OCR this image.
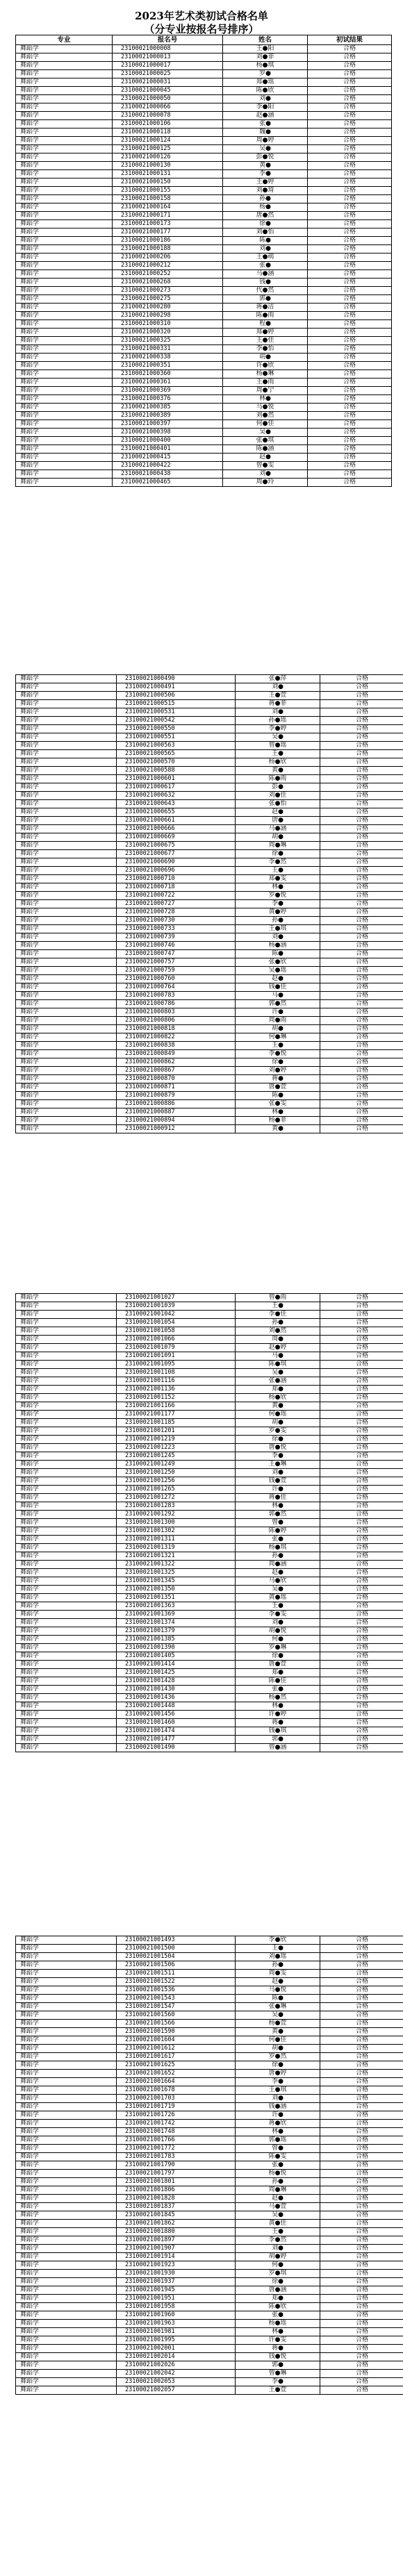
2023年艺术类初试合格名单
（分专业按报名号排序）
专业	报名号	姓名	初试结果
舞蹈学	23100021000008	王●阳	合格
舞蹈学	23100021000013	刘●菲	合格
舞蹈学	23100021000017	杨●琪	合格
舞蹈学	23100021000025	罗●	合格
舞蹈学	23100021000031	郑●瑶	合格
舞蹈学	23100021000045	陈●欣	合格
舞蹈学	23100021000050	刘●	合格
舞蹈学	23100021000066	李●阳	合格
舞蹈学	23100021000078	赵●涵	合格
舞蹈学	23100021000106	张●	合格
舞蹈学	23100021000118	魏●	合格
舞蹈学	23100021000124	周●婷	合格
舞蹈学	23100021000125	吴●	合格
舞蹈学	23100021000126	彭●悦	合格
舞蹈学	23100021000130	黄●	合格
舞蹈学	23100021000131	李●	合格
舞蹈学	23100021000150	王●婷	合格
舞蹈学	23100021000155	刘●琦	合格
舞蹈学	23100021000158	孙●	合格
舞蹈学	23100021000164	杨●	合格
舞蹈学	23100021000171	唐●然	合格
舞蹈学	23100021000173	徐●	合格
舞蹈学	23100021000177	刘●怡	合格
舞蹈学	23100021000186	陈●	合格
舞蹈学	23100021000188	刘●	合格
舞蹈学	23100021000206	王●萌	合格
舞蹈学	23100021000212	张●	合格
舞蹈学	23100021000252	马●涵	合格
舞蹈学	23100021000268	钱●	合格
舞蹈学	23100021000273	代●然	合格
舞蹈学	23100021000275	郭●	合格
舞蹈学	23100021000280	蒋●洁	合格
舞蹈学	23100021000298	陈●雨	合格
舞蹈学	23100021000310	程●	合格
舞蹈学	23100021000320	郑●婷	合格
舞蹈学	23100021000325	王●佳	合格
舞蹈学	23100021000331	李●怡	合格
舞蹈学	23100021000338	胡●	合格
舞蹈学	23100021000351	许●欣	合格
舞蹈学	23100021000360	杨●琳	合格
舞蹈学	23100021000361	王●雨	合格
舞蹈学	23100021000369	周●宁	合格
舞蹈学	23100021000376	林●	合格
舞蹈学	23100021000385	马●悦	合格
舞蹈学	23100021000389	刘●然	合格
舞蹈学	23100021000397	何●佳	合格
舞蹈学	23100021000398	吴●	合格
舞蹈学	23100021000400	张●琪	合格
舞蹈学	23100021000401	陈●涵	合格
舞蹈学	23100021000415	赵●	合格
舞蹈学	23100021000422	曾●雯	合格
舞蹈学	23100021000438	刘●	合格
舞蹈学	23100021000465	周●玲	合格
舞蹈学	23100021000490	张●萍	合格
舞蹈学	23100021000491	刘●	合格
舞蹈学	23100021000506	王●萱	合格
舞蹈学	23100021000515	蒋●菲	合格
舞蹈学	23100021000531	刘●	合格
舞蹈学	23100021000542	孙●瑶	合格
舞蹈学	23100021000550	李●婷	合格
舞蹈学	23100021000551	吴●	合格
舞蹈学	23100021000563	曾●瑶	合格
舞蹈学	23100021000565	王●	合格
舞蹈学	23100021000570	杨●欣	合格
舞蹈学	23100021000588	黄●	合格
舞蹈学	23100021000601	陈●雨	合格
舞蹈学	23100021000617	彭●	合格
舞蹈学	23100021000632	刘●佳	合格
舞蹈学	23100021000643	张●怡	合格
舞蹈学	23100021000655	赵●	合格
舞蹈学	23100021000661	唐●	合格
舞蹈学	23100021000666	马●涵	合格
舞蹈学	23100021000669	胡●	合格
舞蹈学	23100021000675	周●琳	合格
舞蹈学	23100021000677	徐●	合格
舞蹈学	23100021000690	李●然	合格
舞蹈学	23100021000696	王●	合格
舞蹈学	23100021000710	郑●雯	合格
舞蹈学	23100021000718	林●	合格
舞蹈学	23100021000722	罗●悦	合格
舞蹈学	23100021000727	李●	合格
舞蹈学	23100021000728	黄●婷	合格
舞蹈学	23100021000730	孙●	合格
舞蹈学	23100021000733	王●琪	合格
舞蹈学	23100021000739	刘●	合格
舞蹈学	23100021000746	杨●涵	合格
舞蹈学	23100021000747	陈●	合格
舞蹈学	23100021000757	张●欣	合格
舞蹈学	23100021000759	吴●瑶	合格
舞蹈学	23100021000760	赵●	合格
舞蹈学	23100021000764	钱●佳	合格
舞蹈学	23100021000783	马●	合格
舞蹈学	23100021000786	郭●然	合格
舞蹈学	23100021000803	许●	合格
舞蹈学	23100021000806	周●雨	合格
舞蹈学	23100021000818	胡●	合格
舞蹈学	23100021000822	何●琳	合格
舞蹈学	23100021000838	王●	合格
舞蹈学	23100021000849	李●悦	合格
舞蹈学	23100021000862	徐●	合格
舞蹈学	23100021000867	刘●婷	合格
舞蹈学	23100021000870	蒋●	合格
舞蹈学	23100021000871	唐●萱	合格
舞蹈学	23100021000879	陈●	合格
舞蹈学	23100021000886	张●雯	合格
舞蹈学	23100021000887	林●	合格
舞蹈学	23100021000894	杨●菲	合格
舞蹈学	23100021000912	黄●	合格
舞蹈学	23100021001027	曾●雨	合格
舞蹈学	23100021001039	王●	合格
舞蹈学	23100021001042	李●佳	合格
舞蹈学	23100021001054	孙●	合格
舞蹈学	23100021001058	刘●然	合格
舞蹈学	23100021001066	周●	合格
舞蹈学	23100021001079	赵●婷	合格
舞蹈学	23100021001091	马●	合格
舞蹈学	23100021001095	陈●琪	合格
舞蹈学	23100021001108	吴●	合格
舞蹈学	23100021001116	张●涵	合格
舞蹈学	23100021001136	郑●	合格
舞蹈学	23100021001152	杨●欣	合格
舞蹈学	23100021001166	黄●	合格
舞蹈学	23100021001177	何●瑶	合格
舞蹈学	23100021001185	胡●	合格
舞蹈学	23100021001201	罗●雯	合格
舞蹈学	23100021001219	徐●	合格
舞蹈学	23100021001223	唐●悦	合格
舞蹈学	23100021001245	李●	合格
舞蹈学	23100021001249	王●琳	合格
舞蹈学	23100021001250	刘●	合格
舞蹈学	23100021001256	钱●萱	合格
舞蹈学	23100021001265	许●	合格
舞蹈学	23100021001272	蒋●佳	合格
舞蹈学	23100021001283	林●	合格
舞蹈学	23100021001292	郭●然	合格
舞蹈学	23100021001300	曾●	合格
舞蹈学	23100021001302	陈●婷	合格
舞蹈学	23100021001311	张●	合格
舞蹈学	23100021001319	杨●琪	合格
舞蹈学	23100021001321	孙●	合格
舞蹈学	23100021001322	周●涵	合格
舞蹈学	23100021001325	赵●	合格
舞蹈学	23100021001345	马●欣	合格
舞蹈学	23100021001350	吴●	合格
舞蹈学	23100021001351	黄●瑶	合格
舞蹈学	23100021001363	王●	合格
舞蹈学	23100021001369	李●雯	合格
舞蹈学	23100021001374	刘●	合格
舞蹈学	23100021001379	胡●悦	合格
舞蹈学	23100021001385	何●	合格
舞蹈学	23100021001390	罗●琳	合格
舞蹈学	23100021001405	徐●	合格
舞蹈学	23100021001414	唐●萱	合格
舞蹈学	23100021001425	郑●	合格
舞蹈学	23100021001428	陈●佳	合格
舞蹈学	23100021001430	张●	合格
舞蹈学	23100021001436	杨●然	合格
舞蹈学	23100021001448	林●	合格
舞蹈学	23100021001456	许●婷	合格
舞蹈学	23100021001460	蒋●	合格
舞蹈学	23100021001474	钱●琪	合格
舞蹈学	23100021001477	郭●	合格
舞蹈学	23100021001490	曾●涵	合格
舞蹈学	23100021001493	李●欣	合格
舞蹈学	23100021001500	王●	合格
舞蹈学	23100021001504	刘●瑶	合格
舞蹈学	23100021001506	孙●	合格
舞蹈学	23100021001511	周●雯	合格
舞蹈学	23100021001522	赵●	合格
舞蹈学	23100021001536	马●悦	合格
舞蹈学	23100021001543	陈●	合格
舞蹈学	23100021001547	张●琳	合格
舞蹈学	23100021001560	吴●	合格
舞蹈学	23100021001566	杨●萱	合格
舞蹈学	23100021001590	黄●	合格
舞蹈学	23100021001604	何●佳	合格
舞蹈学	23100021001612	胡●	合格
舞蹈学	23100021001617	罗●然	合格
舞蹈学	23100021001625	徐●	合格
舞蹈学	23100021001652	唐●婷	合格
舞蹈学	23100021001664	李●	合格
舞蹈学	23100021001678	王●琪	合格
舞蹈学	23100021001703	刘●	合格
舞蹈学	23100021001719	钱●涵	合格
舞蹈学	23100021001726	许●	合格
舞蹈学	23100021001742	蒋●欣	合格
舞蹈学	23100021001748	林●	合格
舞蹈学	23100021001766	郭●瑶	合格
舞蹈学	23100021001772	曾●	合格
舞蹈学	23100021001783	陈●雯	合格
舞蹈学	23100021001790	张●	合格
舞蹈学	23100021001797	杨●悦	合格
舞蹈学	23100021001801	孙●	合格
舞蹈学	23100021001806	周●琳	合格
舞蹈学	23100021001828	赵●	合格
舞蹈学	23100021001837	马●萱	合格
舞蹈学	23100021001845	吴●	合格
舞蹈学	23100021001862	黄●佳	合格
舞蹈学	23100021001880	王●	合格
舞蹈学	23100021001897	李●然	合格
舞蹈学	23100021001907	刘●	合格
舞蹈学	23100021001914	胡●婷	合格
舞蹈学	23100021001923	何●	合格
舞蹈学	23100021001930	罗●琪	合格
舞蹈学	23100021001937	徐●	合格
舞蹈学	23100021001945	唐●涵	合格
舞蹈学	23100021001951	郑●	合格
舞蹈学	23100021001958	陈●欣	合格
舞蹈学	23100021001960	张●	合格
舞蹈学	23100021001963	杨●瑶	合格
舞蹈学	23100021001981	林●	合格
舞蹈学	23100021001995	许●雯	合格
舞蹈学	23100021002001	蒋●	合格
舞蹈学	23100021002014	钱●悦	合格
舞蹈学	23100021002026	郭●	合格
舞蹈学	23100021002042	曾●琳	合格
舞蹈学	23100021002053	李●	合格
舞蹈学	23100021002057	王●萱	合格
